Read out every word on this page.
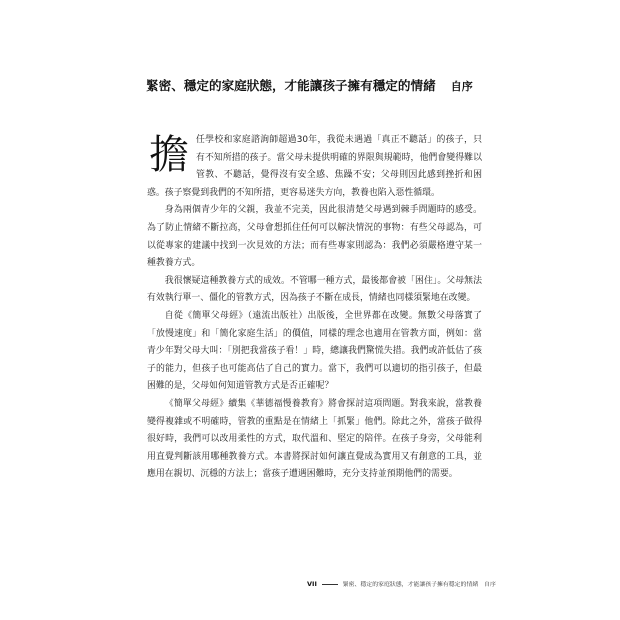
緊密、穩定的家庭狀態，才能讓孩子擁有穩定的情緒 自序

擔 任學校和家庭諮詢師超過30年，我從未遇過「真正不聽話」的孩子，只有不知所措的孩子。當父母未提供明確的界限與規範時，他們會變得難以管教、不聽話，覺得沒有安全感、焦躁不安；父母則因此感到挫折和困惑。孩子察覺到我們的不知所措，更容易迷失方向，教養也陷入惡性循環。

身為兩個青少年的父親，我並不完美，因此很清楚父母遇到棘手問題時的感受。為了防止情緒不斷拉高，父母會想抓住任何可以解決情況的事物：有些父母認為，可以從專家的建議中找到一次見效的方法；而有些專家則認為：我們必須嚴格遵守某一種教養方式。

我很懷疑這種教養方式的成效。不管哪一種方式，最後都會被「困住」。父母無法有效執行單一、僵化的管教方式，因為孩子不斷在成長，情緒也同樣須緊地在改變。

自從《簡單父母經》（遠流出版社）出版後，全世界都在改變。無數父母落實了「放慢速度」和「簡化家庭生活」的價值，同樣的理念也適用在管教方面，例如：當青少年對父母大叫：「別把我當孩子看！」時，總讓我們驚慌失措。我們或許低估了孩子的能力，但孩子也可能高估了自己的實力。當下，我們可以適切的指引孩子，但最困難的是，父母如何知道管教方式是否正確呢？

《簡單父母經》續集《華德福慢養教育》將會探討這項問題。對我來說，當教養變得複雜或不明確時，管教的重點是在情緒上「抓緊」他們。除此之外，當孩子做得很好時，我們可以改用柔性的方式，取代溫和、堅定的陪伴。在孩子身旁，父母能利用直覺判斷該用哪種教養方式。本書將探討如何讓直覺成為實用又有創意的工具，並應用在親切、沉穩的方法上；當孩子遭遇困難時，充分支持並預期他們的需要。

VII	緊密、穩定的家庭狀態，才能讓孩子擁有穩定的情緒 自序
